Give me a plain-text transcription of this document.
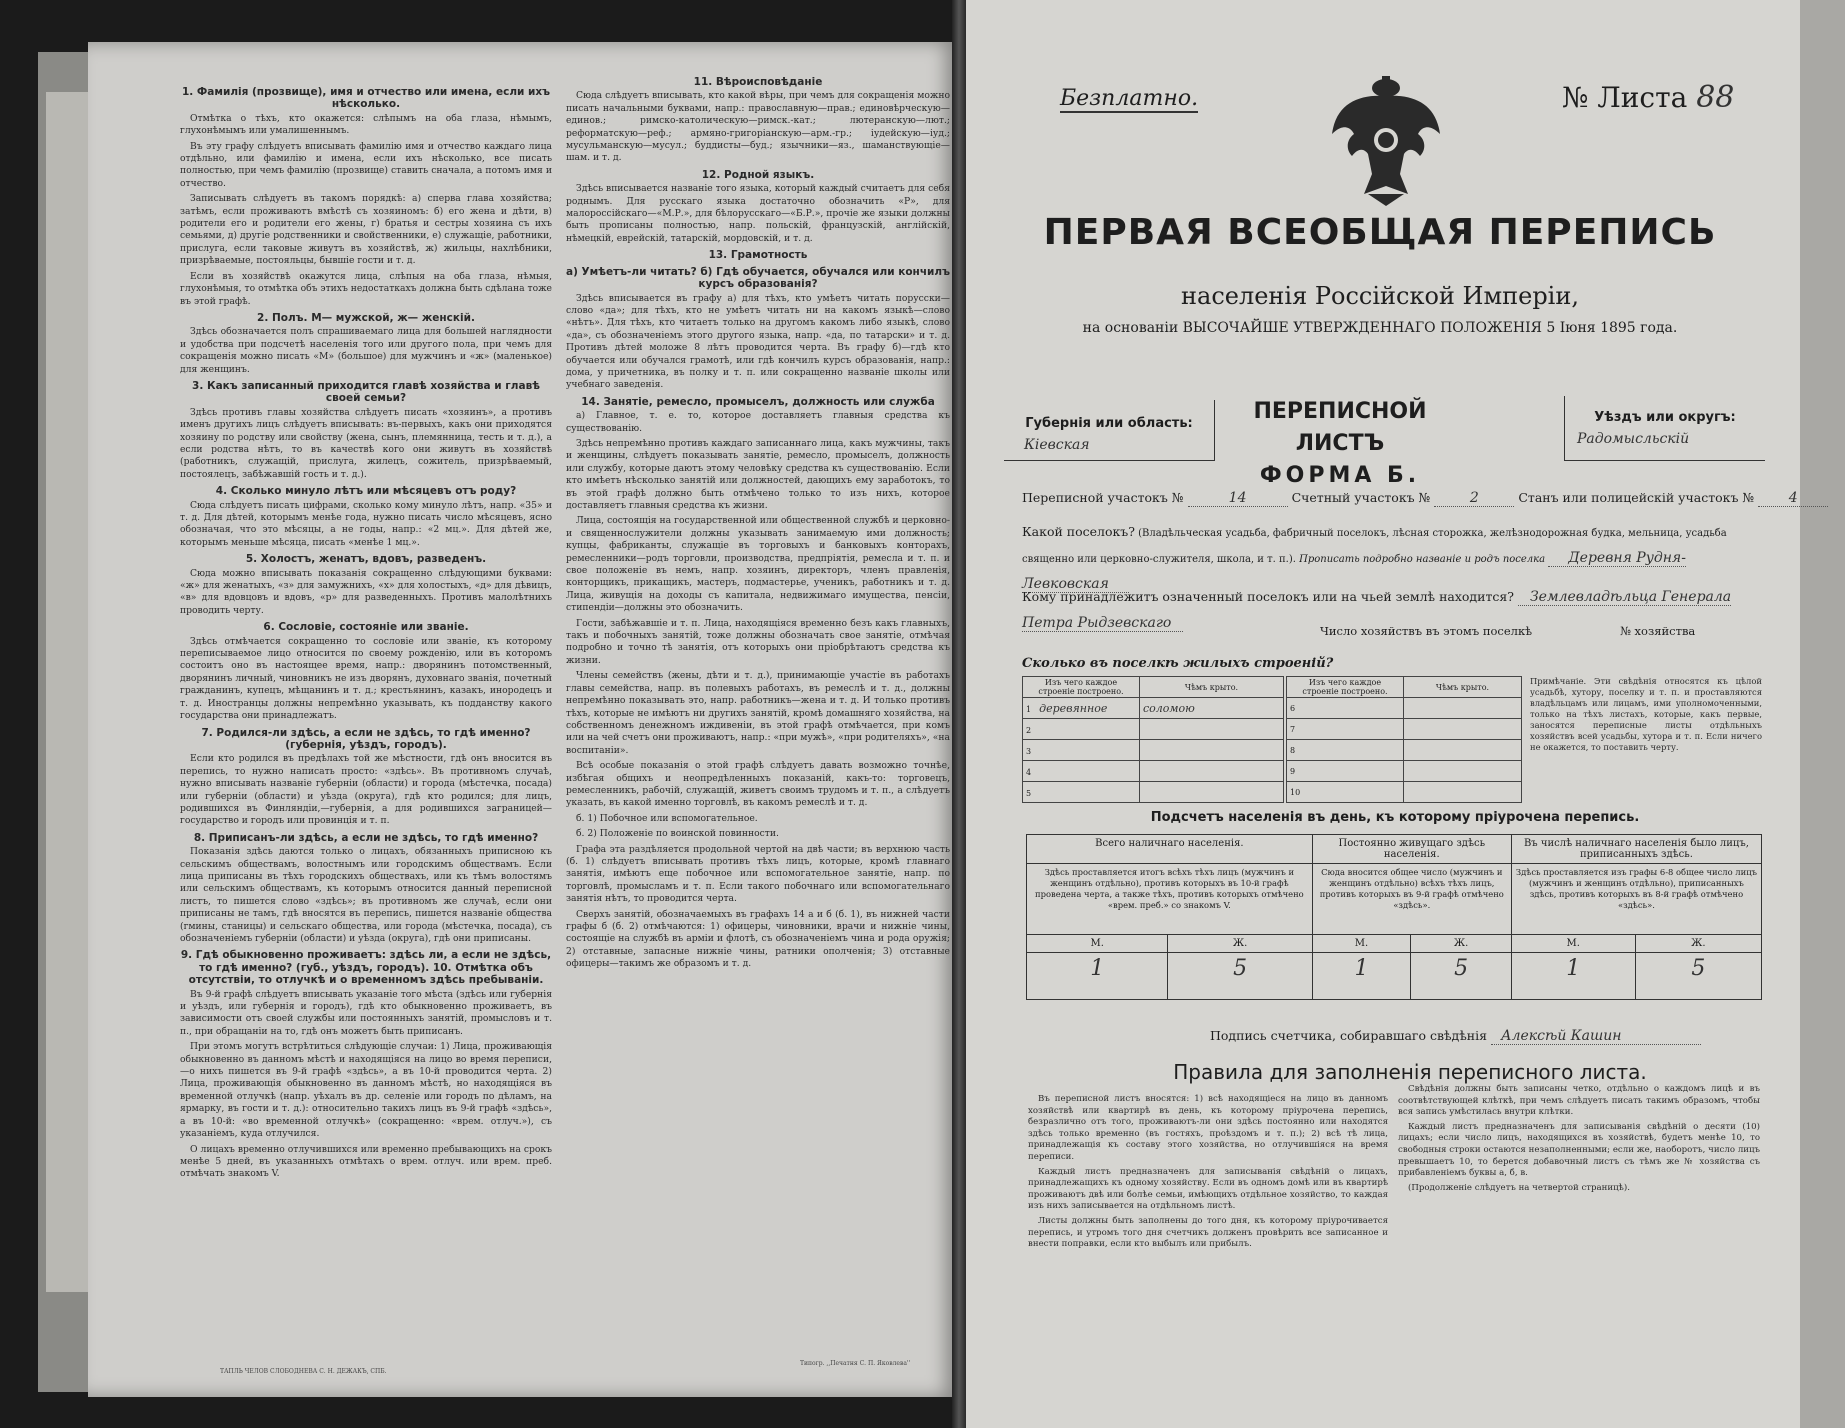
1. Фамилія (прозвище), имя и отчество или имена, если ихъ нѣсколько.

Отмѣтка о тѣхъ, кто окажется: слѣпымъ на оба глаза, нѣмымъ, глухонѣмымъ или умалишеннымъ.

Въ эту графу слѣдуетъ вписывать фамилію имя и отчество каждаго лица отдѣльно, или фамилію и имена, если ихъ нѣсколько, все писать полностью, при чемъ фамилію (прозвище) ставить сначала, а потомъ имя и отчество.

Записывать слѣдуетъ въ такомъ порядкѣ: а) сперва глава хозяйства; затѣмъ, если проживаютъ вмѣстѣ съ хозяиномъ: б) его жена и дѣти, в) родители его и родители его жены, г) братья и сестры хозяина съ ихъ семьями, д) другіе родственники и свойственники, е) служащіе, работники, прислуга, если таковые живутъ въ хозяйствѣ, ж) жильцы, нахлѣбники, призрѣваемые, постояльцы, бывшіе гости и т. д.

Если въ хозяйствѣ окажутся лица, слѣпыя на оба глаза, нѣмыя, глухонѣмыя, то отмѣтка объ этихъ недостаткахъ должна быть сдѣлана тоже въ этой графѣ.

2. Полъ. М— мужской, ж— женскій.

Здѣсь обозначается полъ спрашиваемаго лица для большей наглядности и удобства при подсчетѣ населенія того или другого пола, при чемъ для сокращенія можно писать «М» (большое) для мужчинъ и «ж» (маленькое) для женщинъ.

3. Какъ записанный приходится главѣ хозяйства и главѣ своей семьи?

Здѣсь противъ главы хозяйства слѣдуетъ писать «хозяинъ», а противъ именъ другихъ лицъ слѣдуетъ вписывать: въ-первыхъ, какъ они приходятся хозяину по родству или свойству (жена, сынъ, племянница, тесть и т. д.), а если родства нѣтъ, то въ качествѣ кого они живутъ въ хозяйствѣ (работникъ, служащій, прислуга, жилецъ, сожитель, призрѣваемый, постоялецъ, забѣжавшій гость и т. д.).

4. Сколько минуло лѣтъ или мѣсяцевъ отъ роду?

Сюда слѣдуетъ писать цифрами, сколько кому минуло лѣтъ, напр. «35» и т. д. Для дѣтей, которымъ менѣе года, нужно писать число мѣсяцевъ, ясно обозначая, что это мѣсяцы, а не годы, напр.: «2 мц.». Для дѣтей же, которымъ меньше мѣсяца, писать «менѣе 1 мц.».

5. Холостъ, женатъ, вдовъ, разведенъ.

Сюда можно вписывать показанія сокращенно слѣдующими буквами: «ж» для женатыхъ, «з» для замужнихъ, «х» для холостыхъ, «д» для дѣвицъ, «в» для вдовцовъ и вдовъ, «р» для разведенныхъ. Противъ малолѣтнихъ проводить черту.

6. Сословіе, состояніе или званіе.

Здѣсь отмѣчается сокращенно то сословіе или званіе, къ которому переписываемое лицо относится по своему рожденію, или въ которомъ состоитъ оно въ настоящее время, напр.: дворянинъ потомственный, дворянинъ личный, чиновникъ не изъ дворянъ, духовнаго званія, почетный гражданинъ, купецъ, мѣщанинъ и т. д.; крестьянинъ, казакъ, инородецъ и т. д. Иностранцы должны непремѣнно указывать, къ подданству какого государства они принадлежатъ.

7. Родился-ли здѣсь, а если не здѣсь, то гдѣ именно? (губернія, уѣздъ, городъ).

Если кто родился въ предѣлахъ той же мѣстности, гдѣ онъ вносится въ перепись, то нужно написать просто: «здѣсь». Въ противномъ случаѣ, нужно вписывать названіе губерніи (области) и города (мѣстечка, посада) или губерніи (области) и уѣзда (округа), гдѣ кто родился; для лицъ, родившихся въ Финляндіи,—губернія, а для родившихся заграницей—государство и городъ или провинція и т. п.

8. Приписанъ-ли здѣсь, а если не здѣсь, то гдѣ именно?

Показанія здѣсь даются только о лицахъ, обязанныхъ приписною къ сельскимъ обществамъ, волостнымъ или городскимъ обществамъ. Если лица приписаны въ тѣхъ городскихъ обществахъ, или къ тѣмъ волостямъ или сельскимъ обществамъ, къ которымъ относится данный переписной листъ, то пишется слово «здѣсь»; въ противномъ же случаѣ, если они приписаны не тамъ, гдѣ вносятся въ перепись, пишется названіе общества (гмины, станицы) и сельскаго общества, или города (мѣстечка, посада), съ обозначеніемъ губерніи (области) и уѣзда (округа), гдѣ они приписаны.

9. Гдѣ обыкновенно проживаетъ: здѣсь ли, а если не здѣсь, то гдѣ именно? (губ., уѣздъ, городъ). 10. Отмѣтка объ отсутствіи, то отлучкѣ и о временномъ здѣсь пребываніи.

Въ 9-й графѣ слѣдуетъ вписывать указаніе того мѣста (здѣсь или губернія и уѣздъ, или губернія и городъ), гдѣ кто обыкновенно проживаетъ, въ зависимости отъ своей службы или постоянныхъ занятій, промысловъ и т. п., при обращаніи на то, гдѣ онъ можетъ быть приписанъ.

При этомъ могутъ встрѣтиться слѣдующіе случаи: 1) Лица, проживающія обыкновенно въ данномъ мѣстѣ и находящіяся на лицо во время переписи,—о нихъ пишется въ 9-й графѣ «здѣсь», а въ 10-й проводится черта. 2) Лица, проживающія обыкновенно въ данномъ мѣстѣ, но находящіяся въ временной отлучкѣ (напр. уѣхалъ въ др. селеніе или городъ по дѣламъ, на ярмарку, въ гости и т. д.): относительно такихъ лицъ въ 9-й графѣ «здѣсь», а въ 10-й: «во временной отлучкѣ» (сокращенно: «врем. отлуч.»), съ указаніемъ, куда отлучился.

Ο лицахъ временно отлучившихся или временно пребывающихъ на срокъ менѣе 5 дней, въ указанныхъ отмѣтахъ о врем. отлуч. или врем. преб. отмѣчать знакомъ V.

11. Вѣроисповѣданіе

Сюда слѣдуетъ вписывать, кто какой вѣры, при чемъ для сокращенія можно писать начальными буквами, напр.: православную—прав.; единовѣрческую—единов.; римско-католическую—римск.-кат.; лютеранскую—лют.; реформатскую—реф.; армяно-григоріанскую—арм.-гр.; іудейскую—іуд.; мусульманскую—мусул.; буддисты—буд.; язычники—яз., шаманствующіе—шам. и т. д.

12. Родной языкъ.

Здѣсь вписывается названіе того языка, который каждый считаетъ для себя роднымъ. Для русскаго языка достаточно обозначить «Р», для малороссійскаго—«М.Р.», для бѣлорусскаго—«Б.Р.», прочіе же языки должны быть прописаны полностью, напр. польскій, французскій, англійскій, нѣмецкій, еврейскій, татарскій, мордовскій, и т. д.

13. Грамотность
а) Умѣетъ-ли читать? б) Гдѣ обучается, обучался или кончилъ курсъ образованія?

Здѣсь вписывается въ графу а) для тѣхъ, кто умѣетъ читать порусски—слово «да»; для тѣхъ, кто не умѣетъ читать ни на какомъ языкѣ—слово «нѣтъ». Для тѣхъ, кто читаетъ только на другомъ какомъ либо языкѣ, слово «да», съ обозначеніемъ этого другого языка, напр. «да, по татарски» и т. д. Противъ дѣтей моложе 8 лѣтъ проводится черта. Въ графу б)—гдѣ кто обучается или обучался грамотѣ, или гдѣ кончилъ курсъ образованія, напр.: дома, у причетника, въ полку и т. п. или сокращенно названіе школы или учебнаго заведенія.

14. Занятіе, ремесло, промыселъ, должность или служба

а) Главное, т. е. то, которое доставляетъ главныя средства къ существованію.

Здѣсь непремѣнно противъ каждаго записаннаго лица, какъ мужчины, такъ и женщины, слѣдуетъ показывать занятіе, ремесло, промыселъ, должность или службу, которые даютъ этому человѣку средства къ существованію. Если кто имѣетъ нѣсколько занятій или должностей, дающихъ ему заработокъ, то въ этой графѣ должно быть отмѣчено только то изъ нихъ, которое доставляетъ главныя средства къ жизни.

Лица, состоящія на государственной или общественной службѣ и церковно-и священнослужители должны указывать занимаемую ими должность; купцы, фабриканты, служащіе въ торговыхъ и банковыхъ конторахъ, ремесленники—родъ торговли, производства, предпріятія, ремесла и т. п. и свое положеніе въ немъ, напр. хозяинъ, директоръ, членъ правленія, конторщикъ, прикащикъ, мастеръ, подмастерье, ученикъ, работникъ и т. д. Лица, живущія на доходы съ капитала, недвижимаго имущества, пенсіи, стипендіи—должны это обозначить.

Гости, забѣжавшіе и т. п. Лица, находящіяся временно безъ какъ главныхъ, такъ и побочныхъ занятій, тоже должны обозначать свое занятіе, отмѣчая подробно и точно тѣ занятія, отъ которыхъ они пріобрѣтаютъ средства къ жизни.

Члены семействъ (жены, дѣти и т. д.), принимающіе участіе въ работахъ главы семейства, напр. въ полевыхъ работахъ, въ ремеслѣ и т. д., должны непремѣнно показывать это, напр. работникъ—жена и т. д. И только противъ тѣхъ, которые не имѣютъ ни другихъ занятій, кромѣ домашняго хозяйства, на собственномъ денежномъ иждивеніи, въ этой графѣ отмѣчается, при комъ или на чей счетъ они проживаютъ, напр.: «при мужѣ», «при родителяхъ», «на воспитаніи».

Всѣ особые показанія о этой графѣ слѣдуетъ давать возможно точнѣе, избѣгая общихъ и неопредѣленныхъ показаній, какъ-то: торговецъ, ремесленникъ, рабочій, служащій, живетъ своимъ трудомъ и т. п., а слѣдуетъ указать, въ какой именно торговлѣ, въ какомъ ремеслѣ и т. д.

б. 1) Побочное или вспомогательное.

б. 2) Положеніе по воинской повинности.

Графа эта раздѣляется продольной чертой на двѣ части; въ верхнюю часть (б. 1) слѣдуетъ вписывать противъ тѣхъ лицъ, которые, кромѣ главнаго занятія, имѣютъ еще побочное или вспомогательное занятіе, напр. по торговлѣ, промысламъ и т. п. Если такого побочнаго или вспомогательнаго занятія нѣтъ, то проводится черта.

Сверхъ занятій, обозначаемыхъ въ графахъ 14 а и б (б. 1), въ нижней части графы б (б. 2) отмѣчаются: 1) офицеры, чиновники, врачи и нижніе чины, состоящіе на службѣ въ армiи и флотѣ, съ обозначеніемъ чина и рода оружія; 2) отставные, запасные нижніе чины, ратники ополченія; 3) отставные офицеры—такимъ же образомъ и т. д.

ТАПЛЬ ЧЕЛОВ СЛОБОДНЕВА С. Н. ДЕЖАКЪ, СПБ.
Типогр. ,,Печатня С. П. Яковлева''
Безплатно.	№ Листа 88
ПЕРВАЯ ВСЕОБЩАЯ ПЕРЕПИСЬ
населенія Россійской Имперіи,
на основаніи ВЫСОЧАЙШЕ УТВЕРЖДЕННАГО ПОЛОЖЕНІЯ 5 Іюня 1895 года.
Губернія или область:
Кіевская
ПЕРЕПИСНОЙ ЛИСТЪ
ФОРМА Б.
Уѣздъ или округъ:
Радомысльскій
Переписной участокъ №	14	Счетный участокъ №	2	Станъ или полицейскій участокъ № 4
Какой поселокъ? (Владѣльческая усадьба, фабричный поселокъ, лѣсная сторожка, желѣзнодорожная будка, мельница, усадьба священно или церковно-служителя, школа, и т. п.). Прописать подробно названіе и родъ поселка Деревня Рудня-Левковская
Кому принадлежитъ означенный поселокъ или на чьей землѣ находится? Землевладѣльца Генерала Петра Рыдзевскаго	Число хозяйствъ въ этомъ поселкѣ	№ хозяйства
Сколько въ поселкѣ жилыхъ строеній?
Изъ чего каждое строеніе построено.	Чѣмъ крыто.
1 деревянное	соломою
2	
3	
4	
5	
Изъ чего каждое строеніе построено.	Чѣмъ крыто.
6	
7	
8	
9	
10	
Примѣчаніе. Эти свѣдѣнія относятся къ цѣлой усадьбѣ, хутору, поселку и т. п. и проставляются владѣльцамъ или лицамъ, ими уполномоченными, только на тѣхъ листахъ, которые, какъ первые, заносятся переписные листы отдѣльныхъ хозяйствъ всей усадьбы, хутора и т. п. Если ничего не окажется, то поставить черту.
Подсчетъ населенія въ день, къ которому пріурочена перепись.
Всего наличнаго населенія.		Постоянно живущаго здѣсь населенія.		Въ числѣ наличнаго населенія было лицъ, приписанныхъ здѣсь.	
Здѣсь проставляется итогъ всѣхъ тѣхъ лицъ (мужчинъ и женщинъ отдѣльно), противъ которыхъ въ 10-й графѣ проведена черта, а также тѣхъ, противъ которыхъ отмѣчено «врем. преб.» со знакомъ V.		Сюда вносится общее число (мужчинъ и женщинъ отдѣльно) всѣхъ тѣхъ лицъ, противъ которыхъ въ 9-й графѣ отмѣчено «здѣсь».		Здѣсь проставляется изъ графы 6-8 общее число лицъ (мужчинъ и женщинъ отдѣльно), приписанныхъ здѣсь, противъ которыхъ въ 8-й графѣ отмѣчено «здѣсь».	
М.	Ж.	М.	Ж.	М.	Ж.
1	5	1	5	1	5
Подпись счетчика, собиравшаго свѣдѣнія Алексѣй Кашин
Правила для заполненія переписного листа.

Въ переписной листъ вносятся: 1) всѣ находящіеся на лицо въ данномъ хозяйствѣ или квартирѣ въ день, къ которому пріурочена перепись, безразлично отъ того, проживаютъ-ли они здѣсь постоянно или находятся здѣсь только временно (въ гостяхъ, проѣздомъ и т. п.); 2) всѣ тѣ лица, принадлежащія къ составу этого хозяйства, но отлучившіяся на время переписи.

Каждый листъ предназначенъ для записыванія свѣдѣній о лицахъ, принадлежащихъ къ одному хозяйству. Если въ одномъ домѣ или въ квартирѣ проживаютъ двѣ или болѣе семьи, имѣющихъ отдѣльное хозяйство, то каждая изъ нихъ записывается на отдѣльномъ листѣ.

Листы должны быть заполнены до того дня, къ которому пріурочивается перепись, и утромъ того дня счетчикъ долженъ провѣрить все записанное и внести поправки, если кто выбылъ или прибылъ.

Свѣдѣнія должны быть записаны четко, отдѣльно о каждомъ лицѣ и въ соотвѣтствующей клѣткѣ, при чемъ слѣдуетъ писать такимъ образомъ, чтобы вся запись умѣстилась внутри клѣтки.

Каждый листъ предназначенъ для записыванія свѣдѣній о десяти (10) лицахъ; если число лицъ, находящихся въ хозяйствѣ, будетъ менѣе 10, то свободныя строки остаются незаполненными; если же, наоборотъ, число лицъ превышаетъ 10, то берется добавочный листъ съ тѣмъ же № хозяйства съ прибавленіемъ буквы а, б, в.

(Продолженіе слѣдуетъ на четвертой страницѣ).
